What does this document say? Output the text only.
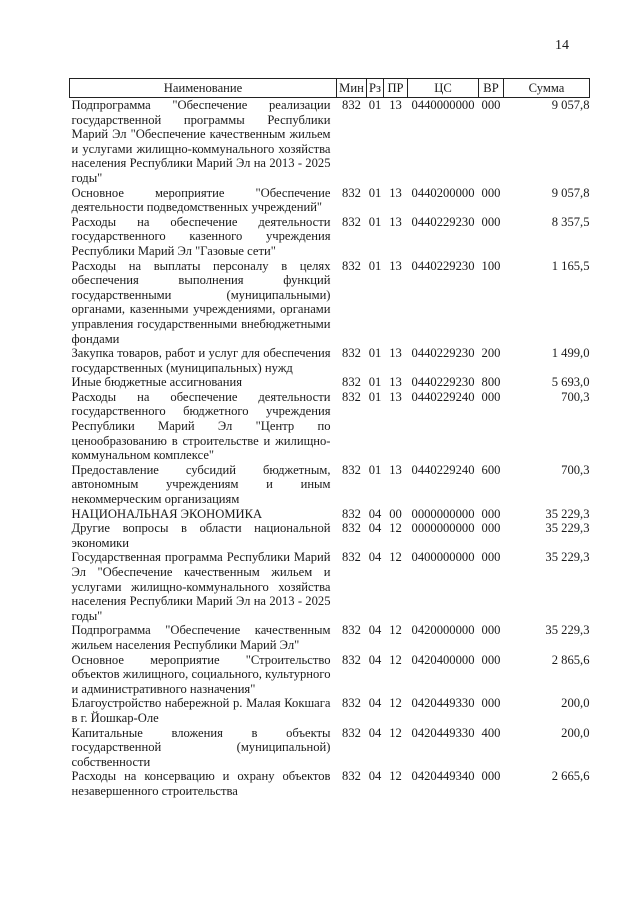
14
Наименование	Мин	Рз	ПР	ЦС	ВР	Сумма
Подпрограмма "Обеспечение реализации государственной программы Республики Марий Эл "Обеспечение качественным жильем и услугами жилищно-коммунального хозяйства населения Республики Марий Эл на 2013 - 2025 годы"	832	01	13	0440000000	000	9 057,8
Основное мероприятие "Обеспечение деятельности подведомственных учреждений"	832	01	13	0440200000	000	9 057,8
Расходы на обеспечение деятельности государственного казенного учреждения Республики Марий Эл "Газовые сети"	832	01	13	0440229230	000	8 357,5
Расходы на выплаты персоналу в целях обеспечения выполнения функций государственными (муниципальными) органами, казенными учреждениями, органами управления государственными внебюджетными фондами	832	01	13	0440229230	100	1 165,5
Закупка товаров, работ и услуг для обеспечения государственных (муниципальных) нужд	832	01	13	0440229230	200	1 499,0
Иные бюджетные ассигнования	832	01	13	0440229230	800	5 693,0
Расходы на обеспечение деятельности государственного бюджетного учреждения Республики Марий Эл "Центр по ценообразованию в строительстве и жилищно-коммунальном комплексе"	832	01	13	0440229240	000	700,3
Предоставление субсидий бюджетным, автономным учреждениям и иным некоммерческим организациям	832	01	13	0440229240	600	700,3
НАЦИОНАЛЬНАЯ ЭКОНОМИКА	832	04	00	0000000000	000	35 229,3
Другие вопросы в области национальной экономики	832	04	12	0000000000	000	35 229,3
Государственная программа Республики Марий Эл "Обеспечение качественным жильем и услугами жилищно-коммунального хозяйства населения Республики Марий Эл на 2013 - 2025 годы"	832	04	12	0400000000	000	35 229,3
Подпрограмма "Обеспечение качественным жильем населения Республики Марий Эл"	832	04	12	0420000000	000	35 229,3
Основное мероприятие "Строительство объектов жилищного, социального, культурного и административного назначения"	832	04	12	0420400000	000	2 865,6
Благоустройство набережной р. Малая Кокшага в г. Йошкар-Оле	832	04	12	0420449330	000	200,0
Капитальные вложения в объекты государственной (муниципальной) собственности	832	04	12	0420449330	400	200,0
Расходы на консервацию и охрану объектов незавершенного строительства	832	04	12	0420449340	000	2 665,6
